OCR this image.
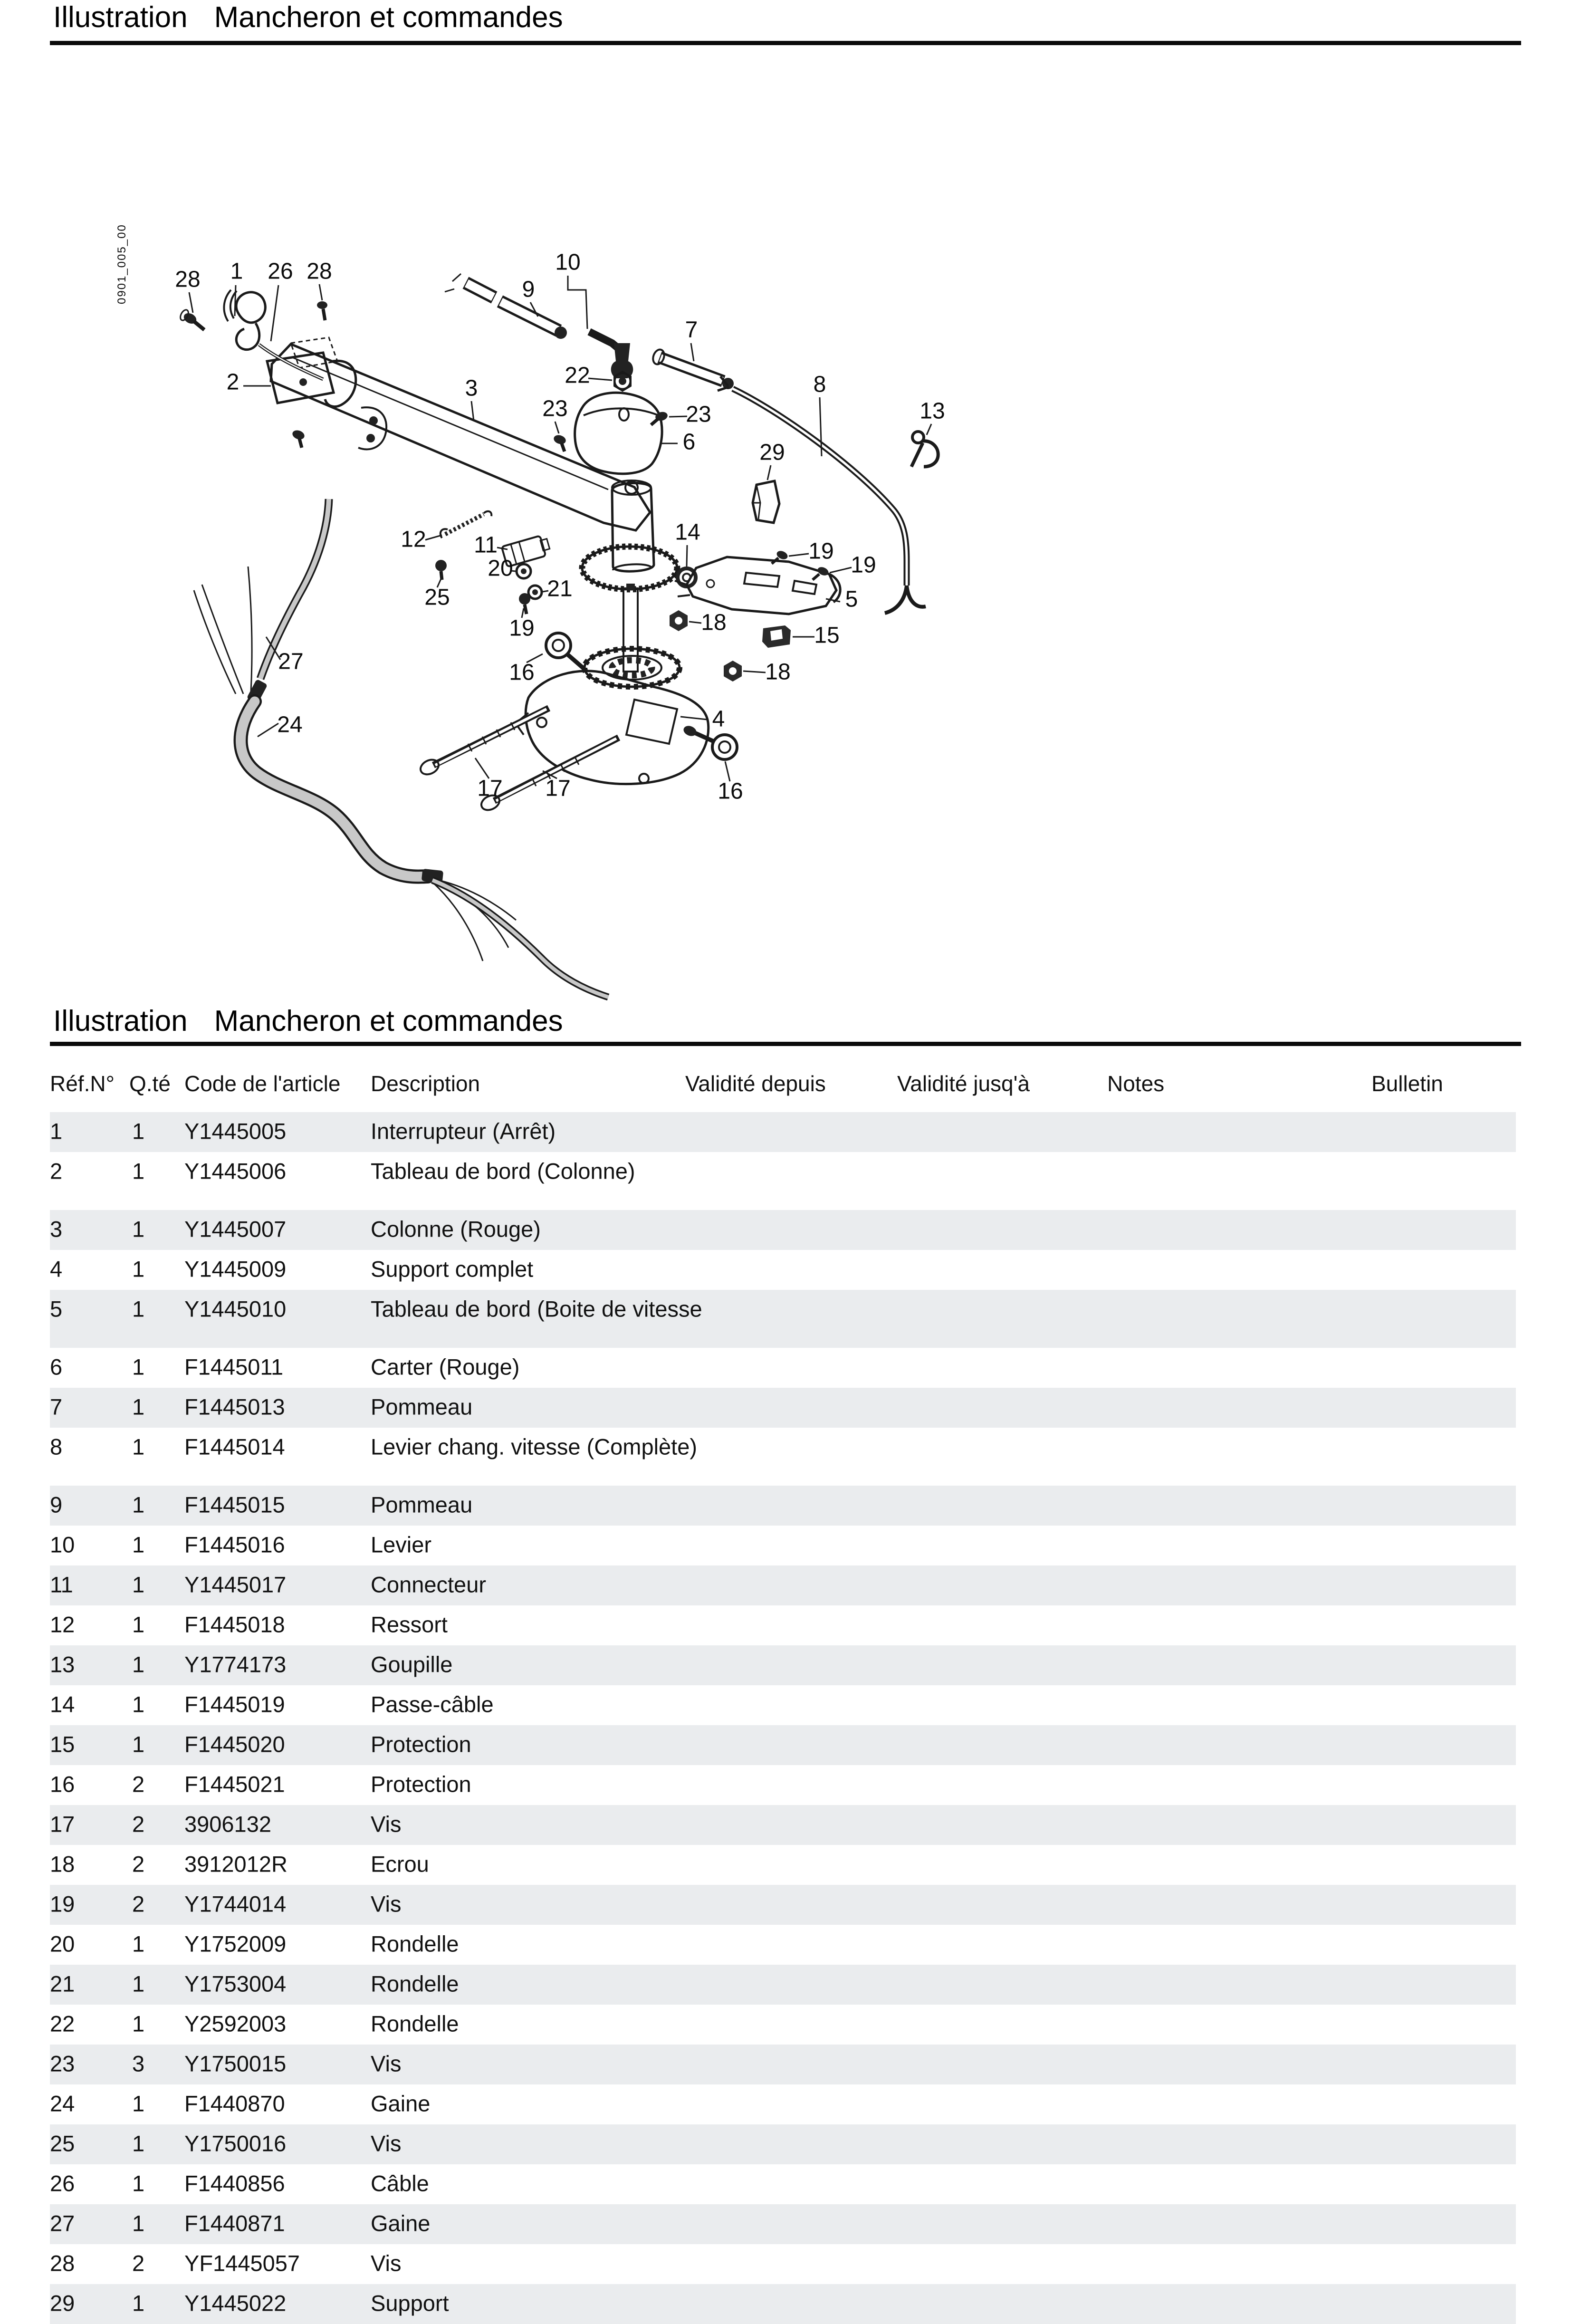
Illustration Mancheron et commandes
0901_005_00 28 1 26 28	10
9
7
2	3
22
23	23
8
6
13
29
12 11
14
19
19
20
21
25
19
16
18
5
15
18
4
17 17	16
27
24
Illustration Mancheron et commandes
Réf.N° Q.té Code de l'article Description	Validité depuis	Validité jusq'à	Notes	Bulletin
1	1 Y1445005	Interrupteur (Arrêt)
2	1 Y1445006	Tableau de bord (Colonne)
3	1 Y1445007	Colonne (Rouge)
4	1 Y1445009	Support complet
5	1 Y1445010	Tableau de bord (Boite de vitesse
6	1 F1445011	Carter (Rouge)
7	1 F1445013	Pommeau
8	1 F1445014	Levier chang. vitesse (Complète)
9	1 F1445015	Pommeau
10	1 F1445016	Levier
11	1 Y1445017	Connecteur
12	1 F1445018	Ressort
13	1 Y1774173	Goupille
14	1 F1445019	Passe-câble
15	1 F1445020	Protection
16	2 F1445021	Protection
17	2 3906132	Vis
18	2 3912012R	Ecrou
19	2 Y1744014	Vis
20	1 Y1752009	Rondelle
21	1 Y1753004	Rondelle
22	1 Y2592003	Rondelle
23	3 Y1750015	Vis
24	1 F1440870	Gaine
25	1 Y1750016	Vis
26	1 F1440856	Câble
27	1 F1440871	Gaine
28	2 YF1445057	Vis
29	1 Y1445022	Support
